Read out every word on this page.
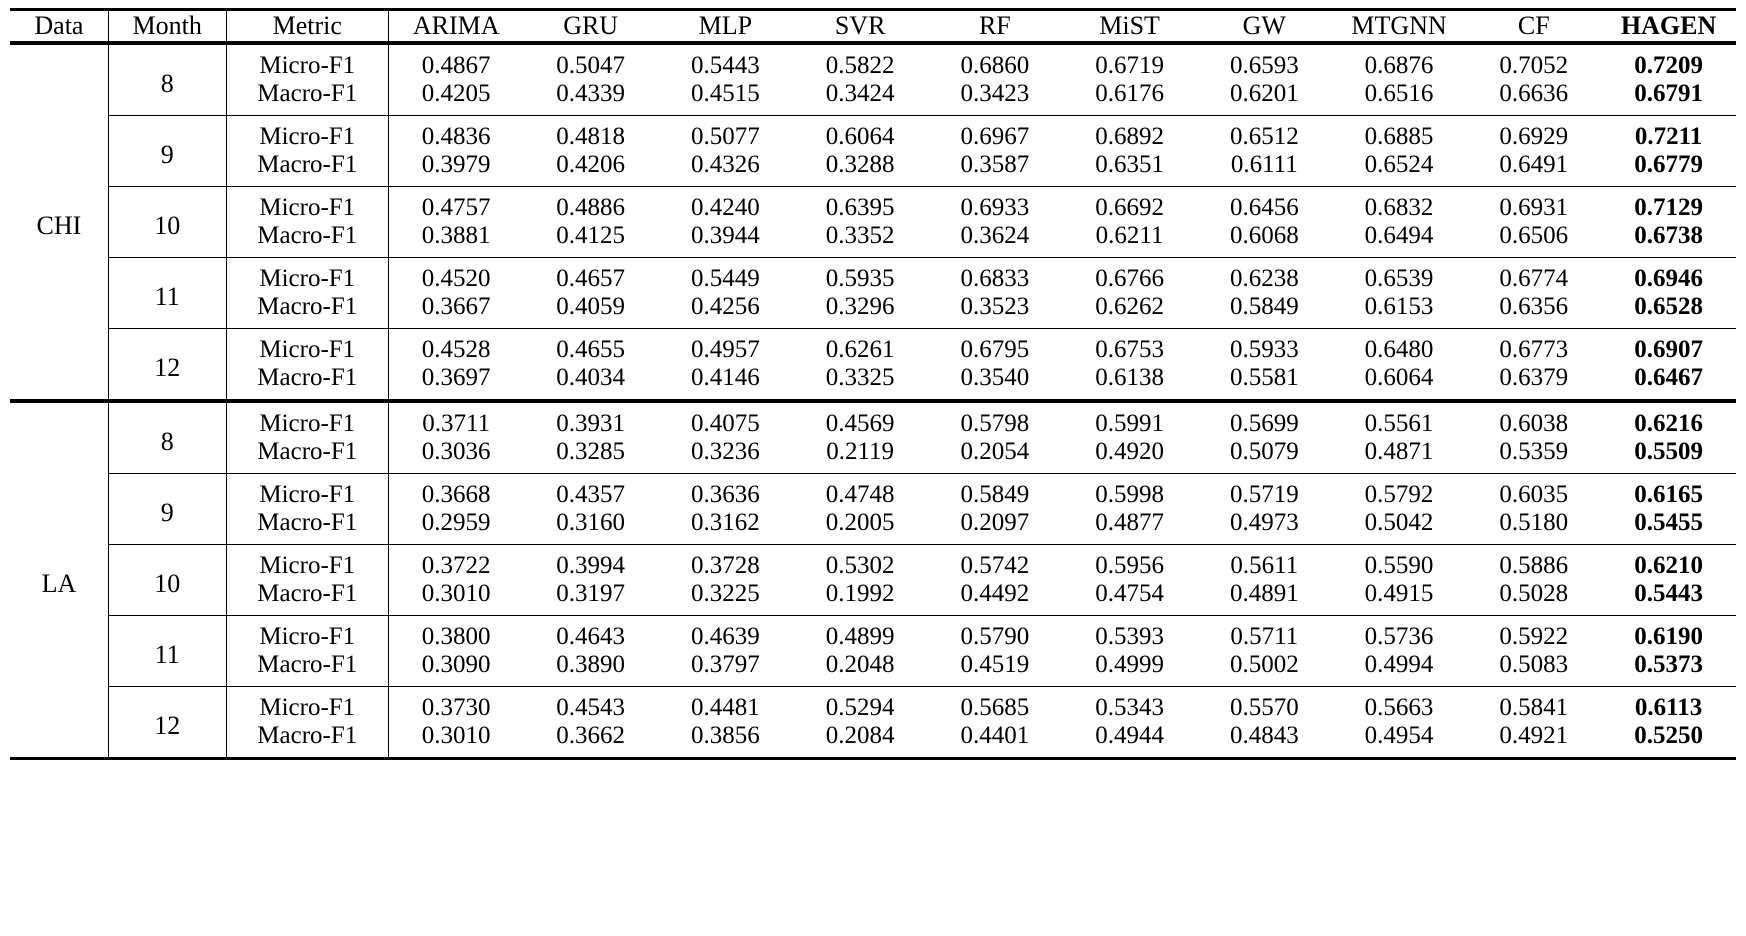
Data	Month	Metric	ARIMA	GRU	MLP	SVR	RF	MiST	GW	MTGNN	CF	HAGEN

CHI	8	Micro-F1	0.4867	0.5047	0.5443	0.5822	0.6860	0.6719	0.6593	0.6876	0.7052	0.7209
		Macro-F1	0.4205	0.4339	0.4515	0.3424	0.3423	0.6176	0.6201	0.6516	0.6636	0.6791
	9	Micro-F1	0.4836	0.4818	0.5077	0.6064	0.6967	0.6892	0.6512	0.6885	0.6929	0.7211
		Macro-F1	0.3979	0.4206	0.4326	0.3288	0.3587	0.6351	0.6111	0.6524	0.6491	0.6779
	10	Micro-F1	0.4757	0.4886	0.4240	0.6395	0.6933	0.6692	0.6456	0.6832	0.6931	0.7129
		Macro-F1	0.3881	0.4125	0.3944	0.3352	0.3624	0.6211	0.6068	0.6494	0.6506	0.6738
	11	Micro-F1	0.4520	0.4657	0.5449	0.5935	0.6833	0.6766	0.6238	0.6539	0.6774	0.6946
		Macro-F1	0.3667	0.4059	0.4256	0.3296	0.3523	0.6262	0.5849	0.6153	0.6356	0.6528
	12	Micro-F1	0.4528	0.4655	0.4957	0.6261	0.6795	0.6753	0.5933	0.6480	0.6773	0.6907
		Macro-F1	0.3697	0.4034	0.4146	0.3325	0.3540	0.6138	0.5581	0.6064	0.6379	0.6467

LA	8	Micro-F1	0.3711	0.3931	0.4075	0.4569	0.5798	0.5991	0.5699	0.5561	0.6038	0.6216
		Macro-F1	0.3036	0.3285	0.3236	0.2119	0.2054	0.4920	0.5079	0.4871	0.5359	0.5509
	9	Micro-F1	0.3668	0.4357	0.3636	0.4748	0.5849	0.5998	0.5719	0.5792	0.6035	0.6165
		Macro-F1	0.2959	0.3160	0.3162	0.2005	0.2097	0.4877	0.4973	0.5042	0.5180	0.5455
	10	Micro-F1	0.3722	0.3994	0.3728	0.5302	0.5742	0.5956	0.5611	0.5590	0.5886	0.6210
		Macro-F1	0.3010	0.3197	0.3225	0.1992	0.4492	0.4754	0.4891	0.4915	0.5028	0.5443
	11	Micro-F1	0.3800	0.4643	0.4639	0.4899	0.5790	0.5393	0.5711	0.5736	0.5922	0.6190
		Macro-F1	0.3090	0.3890	0.3797	0.2048	0.4519	0.4999	0.5002	0.4994	0.5083	0.5373
	12	Micro-F1	0.3730	0.4543	0.4481	0.5294	0.5685	0.5343	0.5570	0.5663	0.5841	0.6113
		Macro-F1	0.3010	0.3662	0.3856	0.2084	0.4401	0.4944	0.4843	0.4954	0.4921	0.5250
